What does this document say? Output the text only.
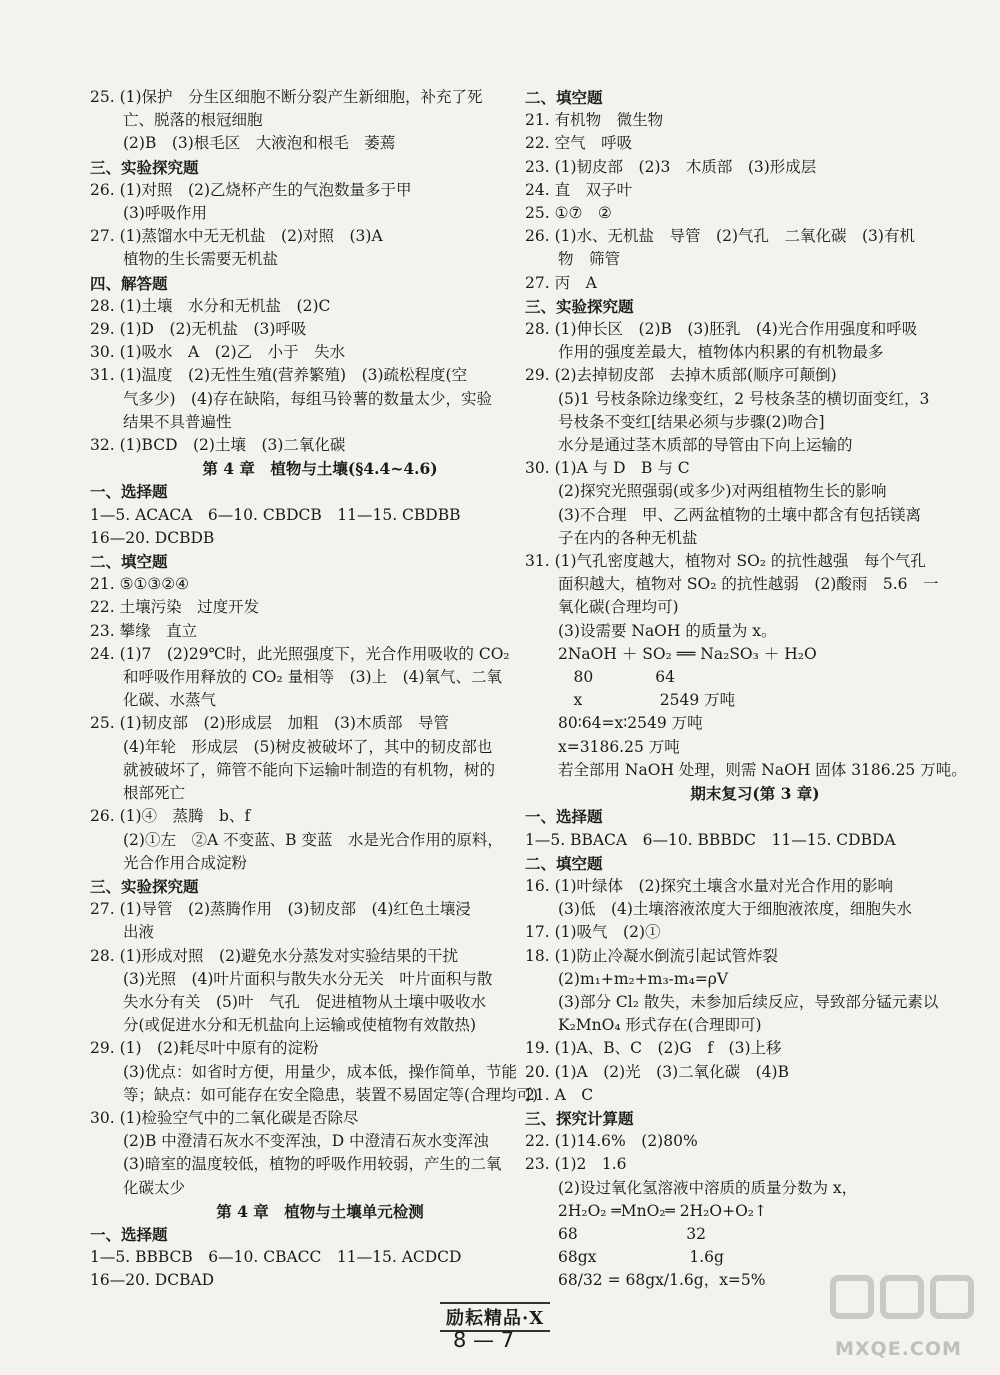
25. (1)保护　分生区细胞不断分裂产生新细胞，补充了死
亡、脱落的根冠细胞
(2)B　(3)根毛区　大液泡和根毛　萎蔫
三、实验探究题
26. (1)对照　(2)乙烧杯产生的气泡数量多于甲
(3)呼吸作用
27. (1)蒸馏水中无无机盐　(2)对照　(3)A
植物的生长需要无机盐
四、解答题
28. (1)土壤　水分和无机盐　(2)C
29. (1)D　(2)无机盐　(3)呼吸
30. (1)吸水　A　(2)乙　小于　失水
31. (1)温度　(2)无性生殖(营养繁殖)　(3)疏松程度(空
气多少)　(4)存在缺陷，每组马铃薯的数量太少，实验
结果不具普遍性
32. (1)BCD　(2)土壤　(3)二氧化碳
第 4 章　植物与土壤(§4.4~4.6)
一、选择题
1—5. ACACA　6—10. CBDCB　11—15. CBDBB
16—20. DCBDB
二、填空题
21. ⑤①③②④
22. 土壤污染　过度开发
23. 攀缘　直立
24. (1)7　(2)29℃时，此光照强度下，光合作用吸收的 CO₂
和呼吸作用释放的 CO₂ 量相等　(3)上　(4)氧气、二氧
化碳、水蒸气
25. (1)韧皮部　(2)形成层　加粗　(3)木质部　导管
(4)年轮　形成层　(5)树皮被破坏了，其中的韧皮部也
就被破坏了，筛管不能向下运输叶制造的有机物，树的
根部死亡
26. (1)④　蒸腾　b、f
(2)①左　②A 不变蓝、B 变蓝　水是光合作用的原料，
光合作用合成淀粉
三、实验探究题
27. (1)导管　(2)蒸腾作用　(3)韧皮部　(4)红色土壤浸
出液
28. (1)形成对照　(2)避免水分蒸发对实验结果的干扰
(3)光照　(4)叶片面积与散失水分无关　叶片面积与散
失水分有关　(5)叶　气孔　促进植物从土壤中吸收水
分(或促进水分和无机盐向上运输或使植物有效散热)
29. (1)　(2)耗尽叶中原有的淀粉
(3)优点：如省时方便，用量少，成本低，操作简单，节能
等；缺点：如可能存在安全隐患，装置不易固定等(合理均可)
30. (1)检验空气中的二氧化碳是否除尽
(2)B 中澄清石灰水不变浑浊，D 中澄清石灰水变浑浊
(3)暗室的温度较低，植物的呼吸作用较弱，产生的二氧
化碳太少
第 4 章　植物与土壤单元检测
一、选择题
1—5. BBBCB　6—10. CBACC　11—15. ACDCD
16—20. DCBAD
二、填空题
21. 有机物　微生物
22. 空气　呼吸
23. (1)韧皮部　(2)3　木质部　(3)形成层
24. 直　双子叶
25. ①⑦　②
26. (1)水、无机盐　导管　(2)气孔　二氧化碳　(3)有机
物　筛管
27. 丙　A
三、实验探究题
28. (1)伸长区　(2)B　(3)胚乳　(4)光合作用强度和呼吸
作用的强度差最大，植物体内积累的有机物最多
29. (2)去掉韧皮部　去掉木质部(顺序可颠倒)
(5)1 号枝条除边缘变红，2 号枝条茎的横切面变红，3
号枝条不变红[结果必须与步骤(2)吻合]
水分是通过茎木质部的导管由下向上运输的
30. (1)A 与 D　B 与 C
(2)探究光照强弱(或多少)对两组植物生长的影响
(3)不合理　甲、乙两盆植物的土壤中都含有包括镁离
子在内的各种无机盐
31. (1)气孔密度越大，植物对 SO₂ 的抗性越强　每个气孔
面积越大，植物对 SO₂ 的抗性越弱　(2)酸雨　5.6　一
氧化碳(合理均可)
(3)设需要 NaOH 的质量为 x。
2NaOH ＋ SO₂ ══ Na₂SO₃ ＋ H₂O
　80　　　　64
　x　　　　　2549 万吨
80∶64=x∶2549 万吨
x=3186.25 万吨
若全部用 NaOH 处理，则需 NaOH 固体 3186.25 万吨。
期末复习(第 3 章)
一、选择题
1—5. BBACA　6—10. BBBDC　11—15. CDBDA
二、填空题
16. (1)叶绿体　(2)探究土壤含水量对光合作用的影响
(3)低　(4)土壤溶液浓度大于细胞液浓度，细胞失水
17. (1)吸气　(2)①
18. (1)防止冷凝水倒流引起试管炸裂
(2)m₁+m₂+m₃-m₄=ρV
(3)部分 Cl₂ 散失，未参加后续反应，导致部分锰元素以
K₂MnO₄ 形式存在(合理即可)
19. (1)A、B、C　(2)G　f　(3)上移
20. (1)A　(2)光　(3)二氧化碳　(4)B
21. A　C
三、探究计算题
22. (1)14.6%　(2)80%
23. (1)2　1.6
(2)设过氧化氢溶液中溶质的质量分数为 x，
2H₂O₂ ═MnO₂═ 2H₂O+O₂↑
68　　　　　　　32
68gx　　　　　　1.6g
68/32 = 68gx/1.6g，x=5%
励耘精品·X
8 — 7	MXQE.COM
